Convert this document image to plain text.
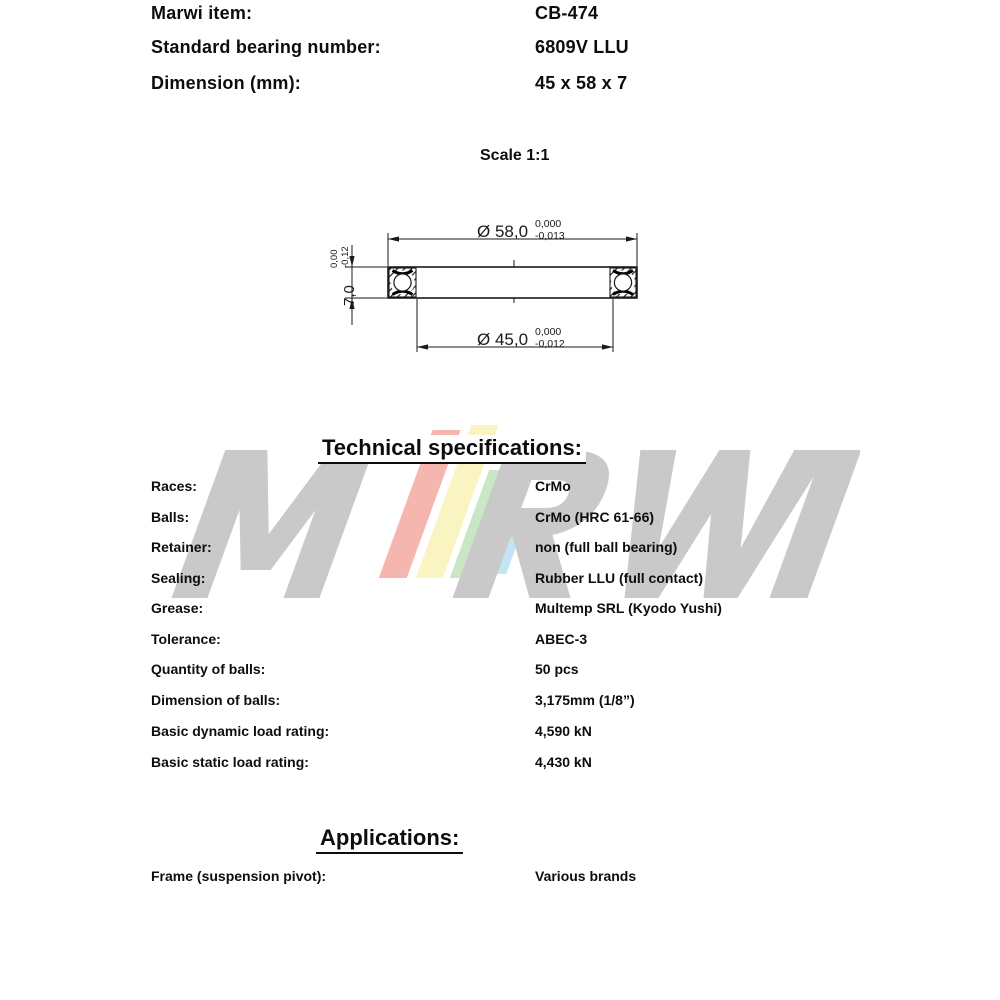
Marwi item:	CB-474
Standard bearing number:	6809V LLU
Dimension (mm):	45 x 58 x 7
Scale 1:1
Ø 58,0 0,000
-0,013
Ø 45,0 0,000
-0,012
7,0
0,00 -0,12
Technical specifications:
Races:	CrMo
Balls:	CrMo (HRC 61-66)
Retainer:	non (full ball bearing)
Sealing:	Rubber LLU (full contact)
Grease:	Multemp SRL (Kyodo Yushi)
Tolerance:	ABEC-3
Quantity of balls:	50 pcs
Dimension of balls:	3,175mm (1/8”)
Basic dynamic load rating:	4,590 kN
Basic static load rating:	4,430 kN
Applications:
Frame (suspension pivot):	Various brands
